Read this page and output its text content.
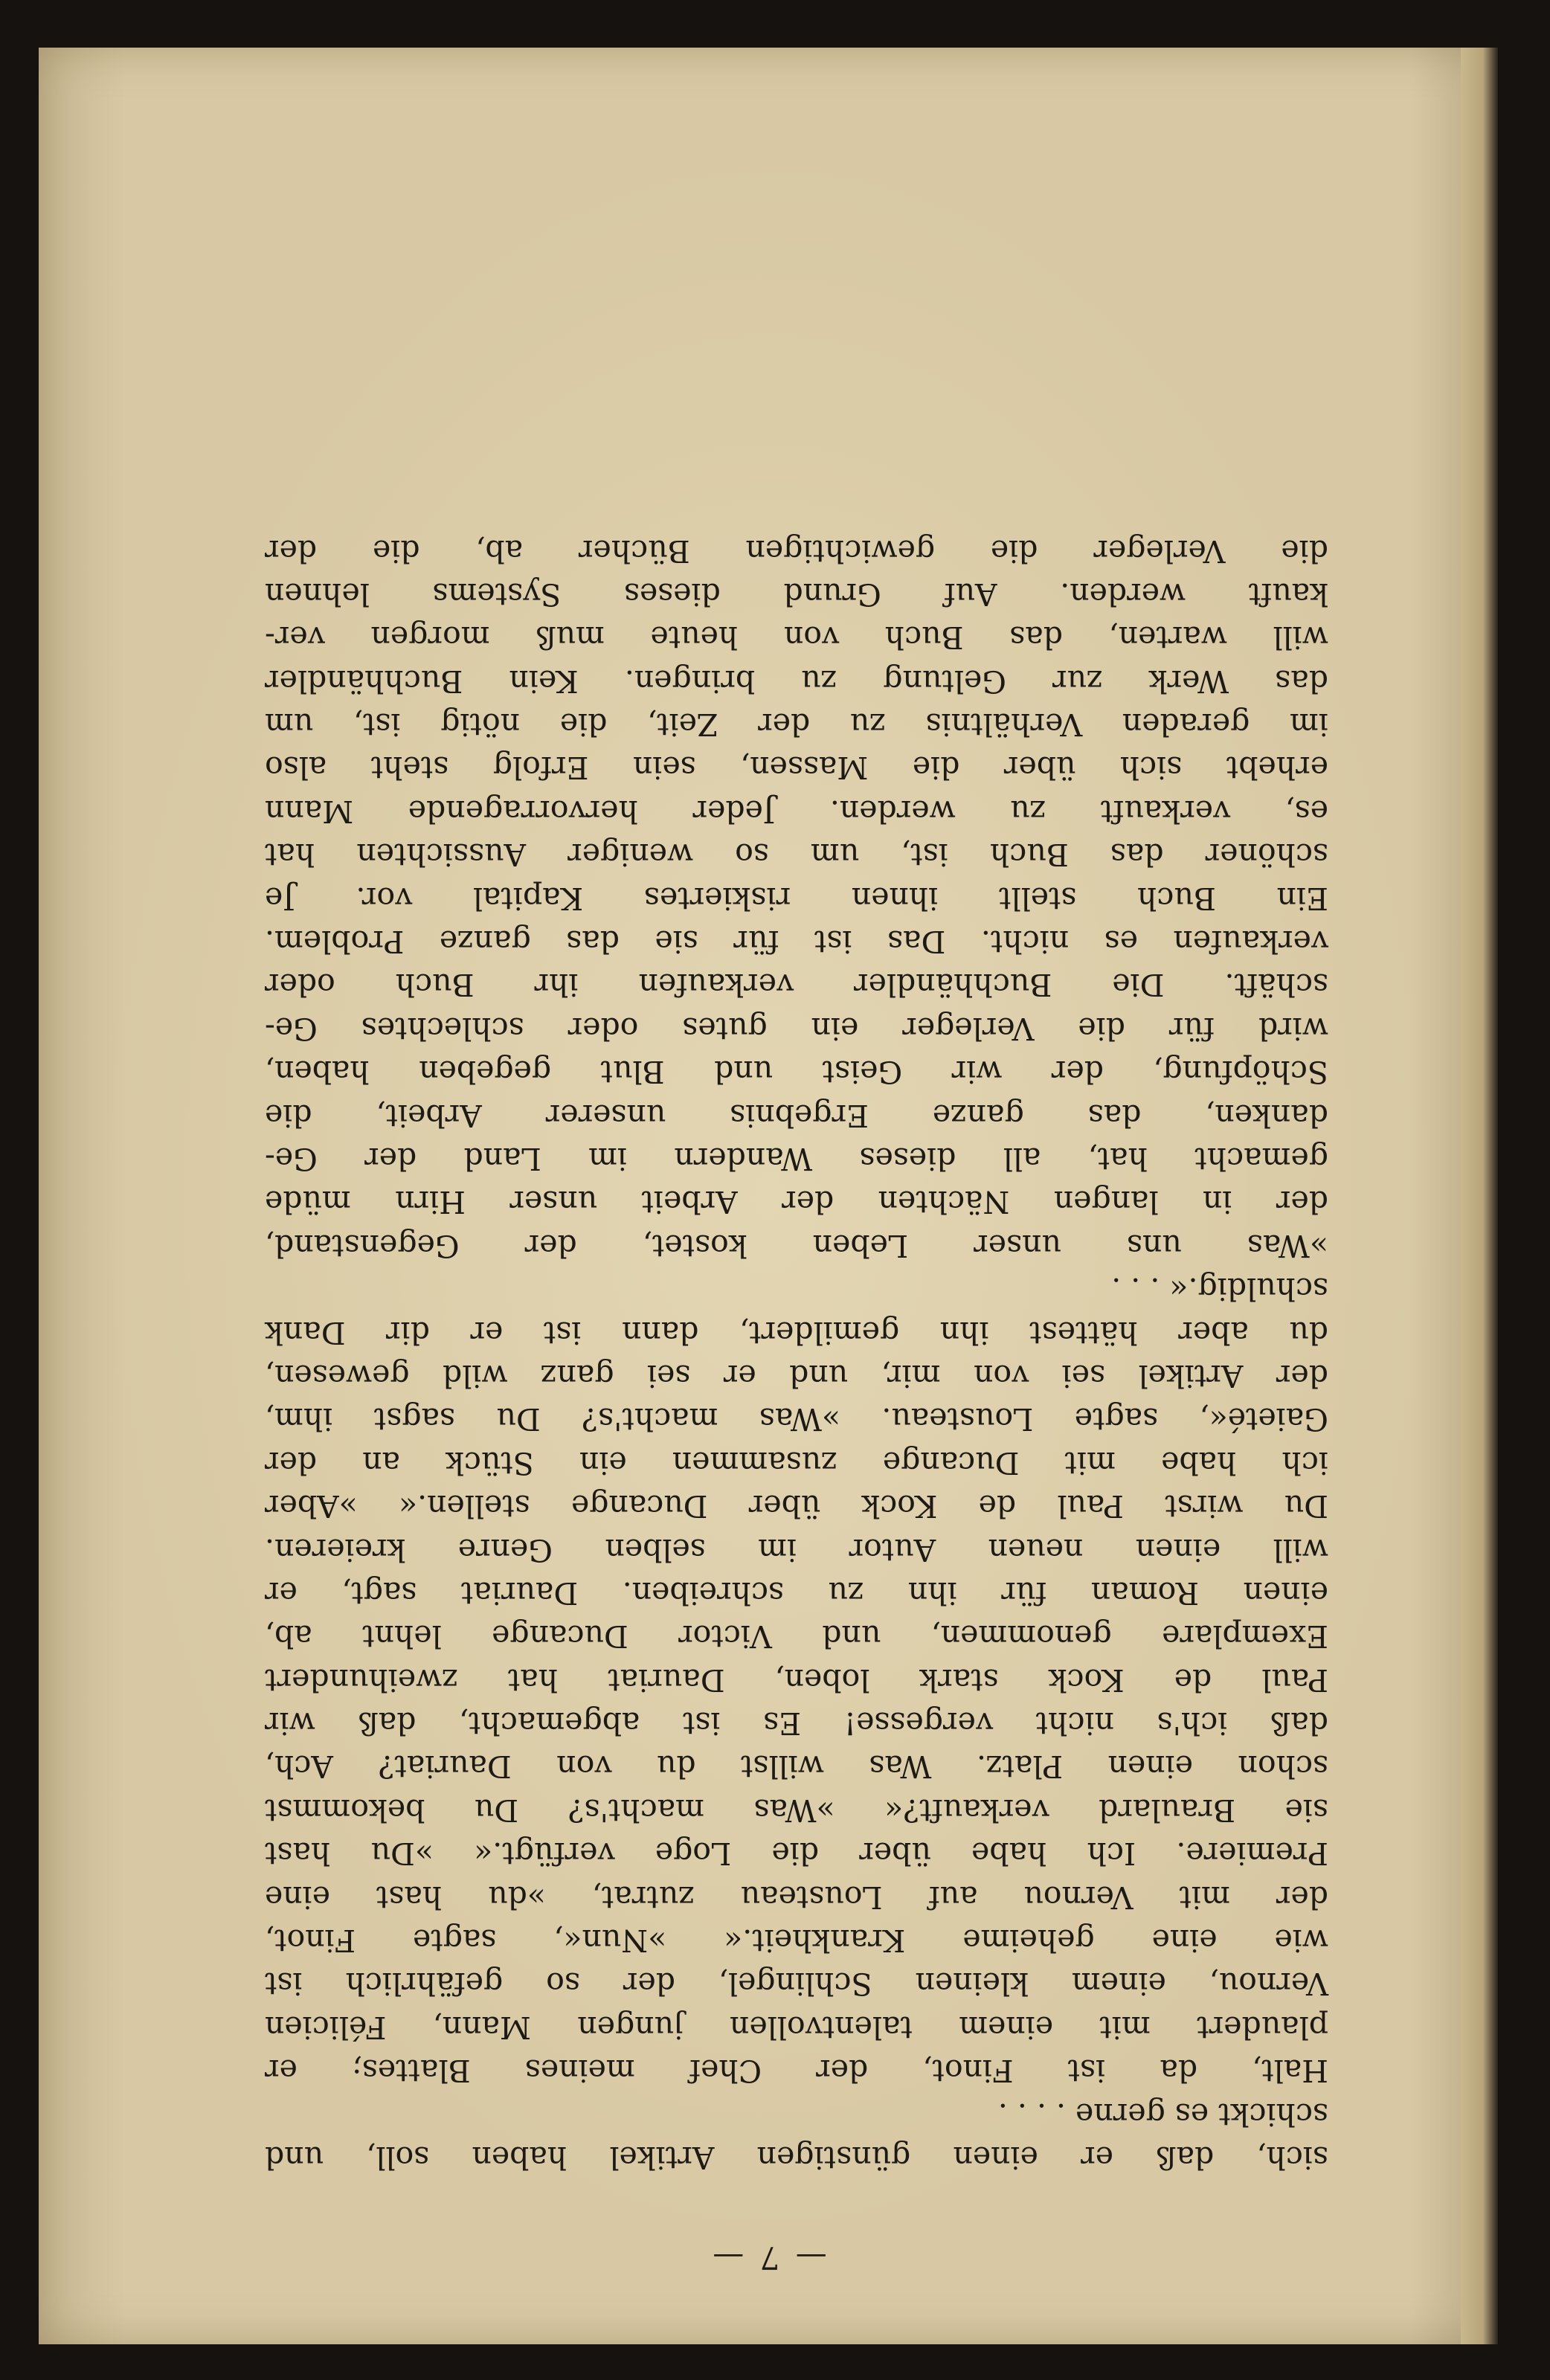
— 7 —
sich, daß er einen günstigen Artikel haben soll, und
schickt es gerne . . . .
Halt, da ist Finot, der Chef meines Blattes; er
plaudert mit einem talentvollen jungen Mann, Félicien
Vernou, einem kleinen Schlingel, der so gefährlich ist
wie eine geheime Krankheit.« »Nun«, sagte Finot,
der mit Vernou auf Lousteau zutrat, »du hast eine
Premiere. Ich habe über die Loge verfügt.« »Du hast
sie Braulard verkauft?« »Was macht's? Du bekommst
schon einen Platz. Was willst du von Dauriat? Ach,
daß ich's nicht vergesse! Es ist abgemacht, daß wir
Paul de Kock stark loben, Dauriat hat zweihundert
Exemplare genommen, und Victor Ducange lehnt ab,
einen Roman für ihn zu schreiben. Dauriat sagt, er
will einen neuen Autor im selben Genre kreieren.
Du wirst Paul de Kock über Ducange stellen.« »Aber
ich habe mit Ducange zusammen ein Stück an der
Gaieté«, sagte Lousteau. »Was macht's? Du sagst ihm,
der Artikel sei von mir, und er sei ganz wild gewesen,
du aber hättest ihn gemildert, dann ist er dir Dank
schuldig.« . . .
»Was uns unser Leben kostet, der Gegenstand,
der in langen Nächten der Arbeit unser Hirn müde
gemacht hat, all dieses Wandern im Land der Ge-
danken, das ganze Ergebnis unserer Arbeit, die
Schöpfung, der wir Geist und Blut gegeben haben,
wird für die Verleger ein gutes oder schlechtes Ge-
schäft. Die Buchhändler verkaufen ihr Buch oder
verkaufen es nicht. Das ist für sie das ganze Problem.
Ein Buch stellt ihnen riskiertes Kapital vor. Je
schöner das Buch ist, um so weniger Aussichten hat
es, verkauft zu werden. Jeder hervorragende Mann
erhebt sich über die Massen, sein Erfolg steht also
im geraden Verhältnis zu der Zeit, die nötig ist, um
das Werk zur Geltung zu bringen. Kein Buchhändler
will warten, das Buch von heute muß morgen ver-
kauft werden. Auf Grund dieses Systems lehnen
die Verleger die gewichtigen Bücher ab, die der
